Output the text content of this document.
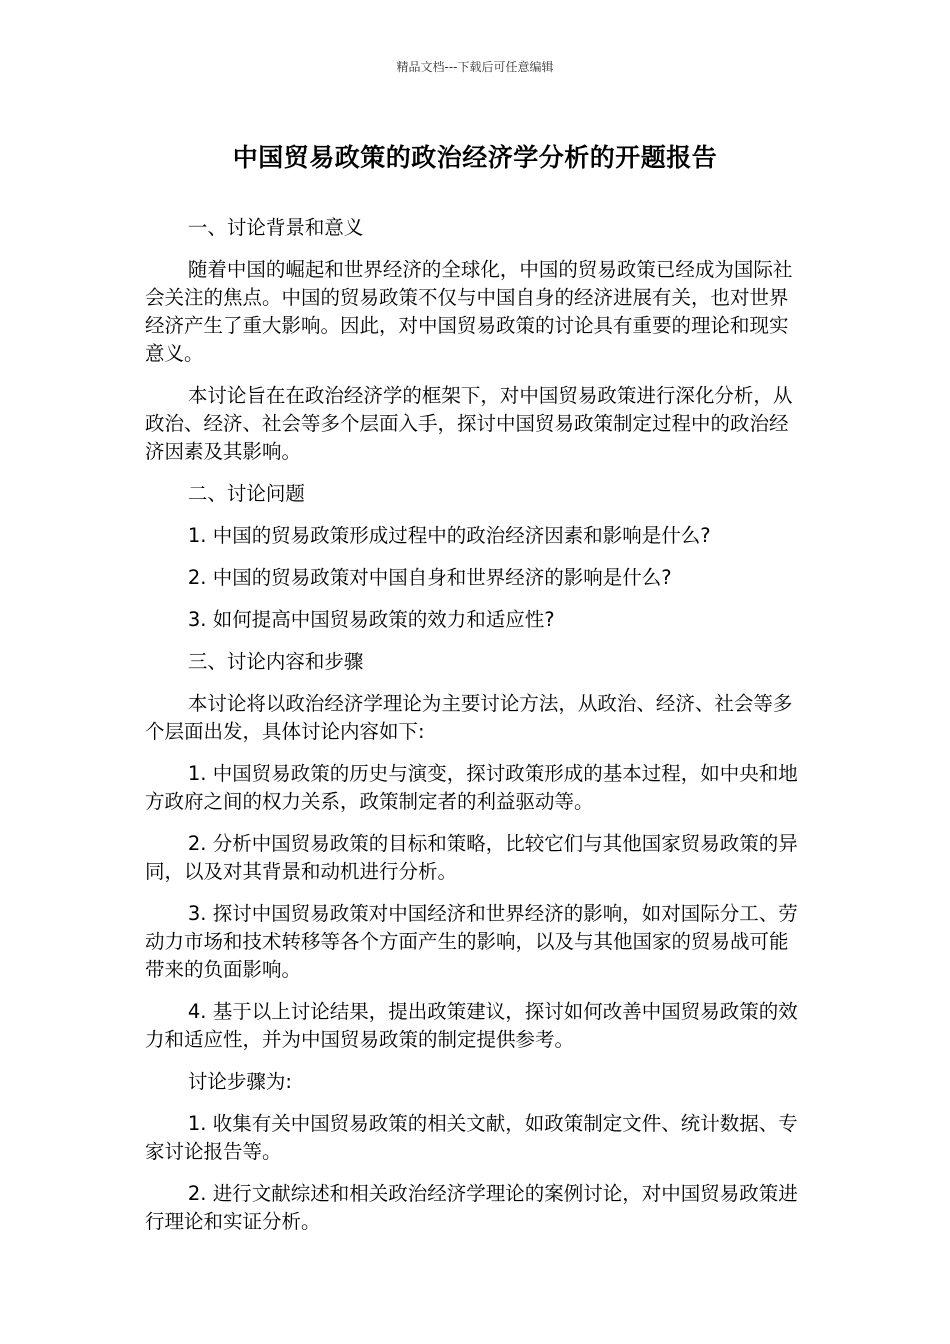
精品文档---下载后可任意编辑
中国贸易政策的政治经济学分析的开题报告

一、讨论背景和意义

随着中国的崛起和世界经济的全球化，中国的贸易政策已经成为国际社会关注的焦点。中国的贸易政策不仅与中国自身的经济进展有关，也对世界经济产生了重大影响。因此，对中国贸易政策的讨论具有重要的理论和现实意义。

本讨论旨在在政治经济学的框架下，对中国贸易政策进行深化分析，从政治、经济、社会等多个层面入手，探讨中国贸易政策制定过程中的政治经济因素及其影响。

二、讨论问题

1. 中国的贸易政策形成过程中的政治经济因素和影响是什么?

2. 中国的贸易政策对中国自身和世界经济的影响是什么?

3. 如何提高中国贸易政策的效力和适应性?

三、讨论内容和步骤

本讨论将以政治经济学理论为主要讨论方法，从政治、经济、社会等多个层面出发，具体讨论内容如下:

1. 中国贸易政策的历史与演变，探讨政策形成的基本过程，如中央和地方政府之间的权力关系，政策制定者的利益驱动等。

2. 分析中国贸易政策的目标和策略，比较它们与其他国家贸易政策的异同，以及对其背景和动机进行分析。

3. 探讨中国贸易政策对中国经济和世界经济的影响，如对国际分工、劳动力市场和技术转移等各个方面产生的影响，以及与其他国家的贸易战可能带来的负面影响。

4. 基于以上讨论结果，提出政策建议，探讨如何改善中国贸易政策的效力和适应性，并为中国贸易政策的制定提供参考。

讨论步骤为:

1. 收集有关中国贸易政策的相关文献，如政策制定文件、统计数据、专家讨论报告等。

2. 进行文献综述和相关政治经济学理论的案例讨论，对中国贸易政策进行理论和实证分析。
